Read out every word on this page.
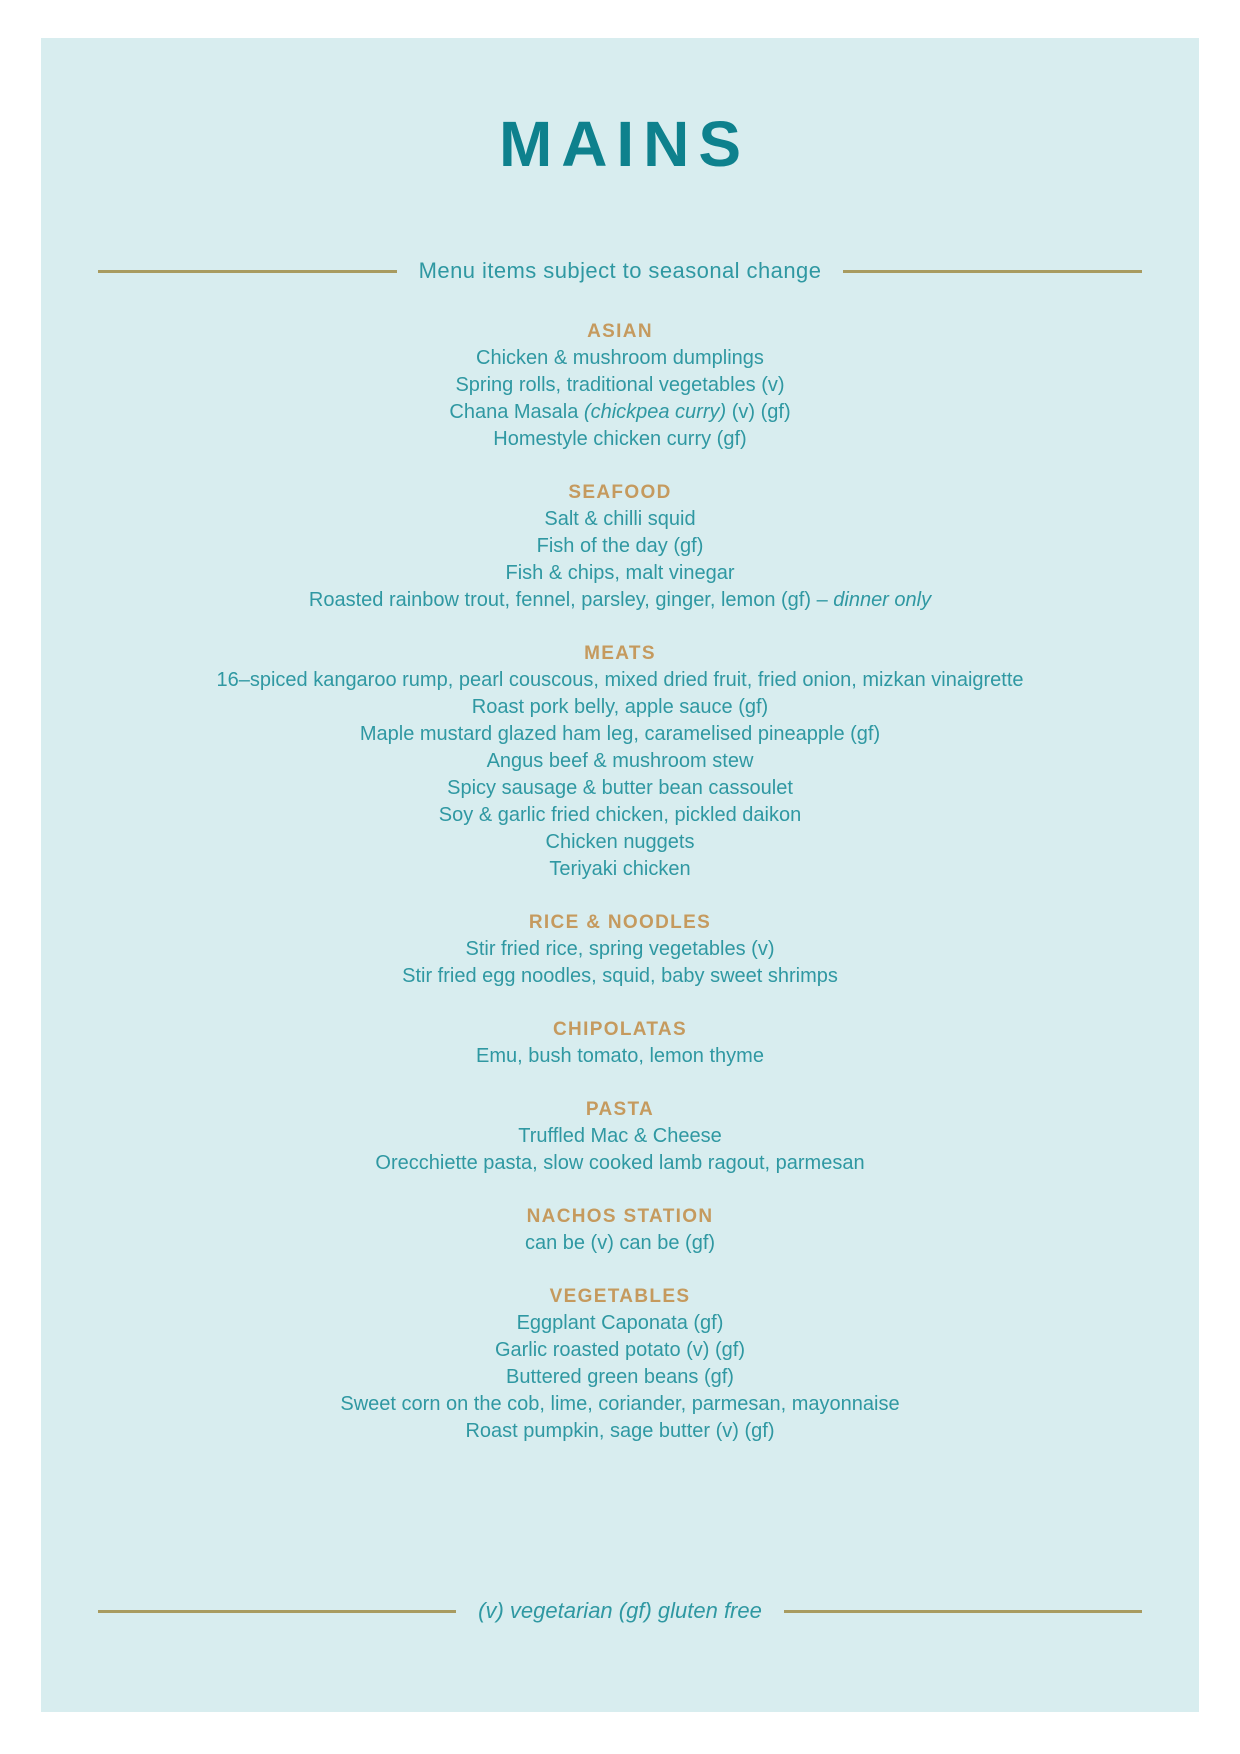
MAINS
Menu items subject to seasonal change
ASIAN

Chicken & mushroom dumplings

Spring rolls, traditional vegetables (v)

Chana Masala (chickpea curry) (v) (gf)

Homestyle chicken curry (gf)

SEAFOOD

Salt & chilli squid

Fish of the day (gf)

Fish & chips, malt vinegar

Roasted rainbow trout, fennel, parsley, ginger, lemon (gf) – dinner only

MEATS

16–spiced kangaroo rump, pearl couscous, mixed dried fruit, fried onion, mizkan vinaigrette

Roast pork belly, apple sauce (gf)

Maple mustard glazed ham leg, caramelised pineapple (gf)

Angus beef & mushroom stew

Spicy sausage & butter bean cassoulet

Soy & garlic fried chicken, pickled daikon

Chicken nuggets

Teriyaki chicken

RICE & NOODLES

Stir fried rice, spring vegetables (v)

Stir fried egg noodles, squid, baby sweet shrimps

CHIPOLATAS

Emu, bush tomato, lemon thyme

PASTA

Truffled Mac & Cheese

Orecchiette pasta, slow cooked lamb ragout, parmesan

NACHOS STATION

can be (v) can be (gf)

VEGETABLES

Eggplant Caponata (gf)

Garlic roasted potato (v) (gf)

Buttered green beans (gf)

Sweet corn on the cob, lime, coriander, parmesan, mayonnaise

Roast pumpkin, sage butter (v) (gf)

(v) vegetarian (gf) gluten free
